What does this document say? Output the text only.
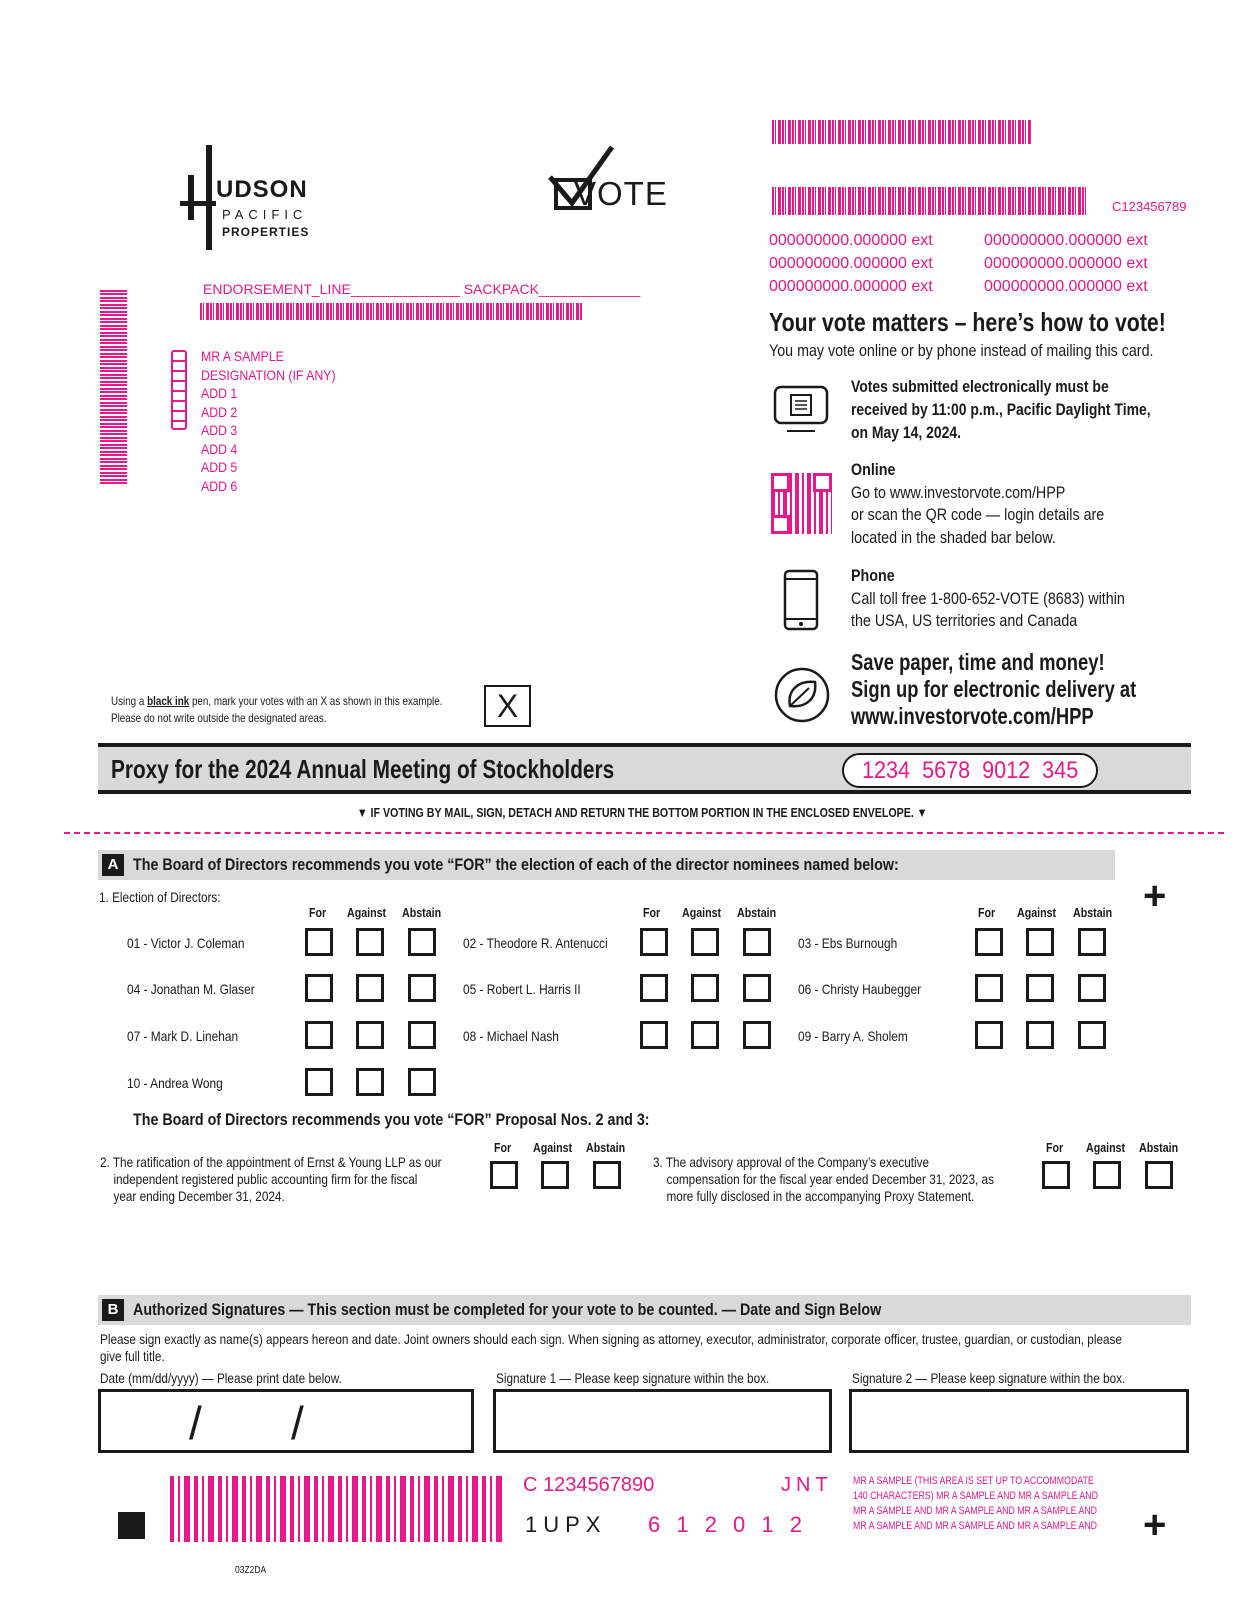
UDSON
PACIFIC
PROPERTIES
VOTE	C123456789
000000000.000000 ext
000000000.000000 ext
000000000.000000 ext
000000000.000000 ext
000000000.000000 ext
000000000.000000 ext
ENDORSEMENT_LINE______________ SACKPACK_____________
MR A SAMPLE
DESIGNATION (IF ANY)
ADD 1
ADD 2
ADD 3
ADD 4
ADD 5
ADD 6
Your vote matters – here’s how to vote!
You may vote online or by phone instead of mailing this card.
Votes submitted electronically must be
received by 11:00 p.m., Pacific Daylight Time,
on May 14, 2024.
Online
Go to www.investorvote.com/HPP
or scan the QR code — login details are
located in the shaded bar below.
Phone
Call toll free 1-800-652-VOTE (8683) within
the USA, US territories and Canada
Save paper, time and money!
Sign up for electronic delivery at
www.investorvote.com/HPP
Using a black ink pen, mark your votes with an X as shown in this example.
Please do not write outside the designated areas.	X
Proxy for the 2024 Annual Meeting of Stockholders	1234  5678  9012  345
▼ IF VOTING BY MAIL, SIGN, DETACH AND RETURN THE BOTTOM PORTION IN THE ENCLOSED ENVELOPE. ▼
A The Board of Directors recommends you vote “FOR” the election of each of the director nominees named below:
+
1. Election of Directors:
For Against Abstain	For Against Abstain	For Against Abstain
01 - Victor J. Coleman	02 - Theodore R. Antenucci	03 - Ebs Burnough
04 - Jonathan M. Glaser	05 - Robert L. Harris II	06 - Christy Haubegger
07 - Mark D. Linehan	08 - Michael Nash	09 - Barry A. Sholem
10 - Andrea Wong
The Board of Directors recommends you vote “FOR” Proposal Nos. 2 and 3:
2. The ratification of the appointment of Ernst & Young LLP as our
independent registered public accounting firm for the fiscal
year ending December 31, 2024.
For Against Abstain
3. The advisory approval of the Company’s executive
compensation for the fiscal year ended December 31, 2023, as
more fully disclosed in the accompanying Proxy Statement.
For Against Abstain
B Authorized Signatures — This section must be completed for your vote to be counted. — Date and Sign Below
Please sign exactly as name(s) appears hereon and date. Joint owners should each sign. When signing as attorney, executor, administrator, corporate officer, trustee, guardian, or custodian, please
give full title.
Date (mm/dd/yyyy) — Please print date below.	Signature 1 — Please keep signature within the box.	Signature 2 — Please keep signature within the box.
/ /
C 1234567890	JNT
1UPX 6 1 2 0 1 2
MR A SAMPLE (THIS AREA IS SET UP TO ACCOMMODATE
140 CHARACTERS) MR A SAMPLE AND MR A SAMPLE AND
MR A SAMPLE AND MR A SAMPLE AND MR A SAMPLE AND
MR A SAMPLE AND MR A SAMPLE AND MR A SAMPLE AND +
03Z2DA
